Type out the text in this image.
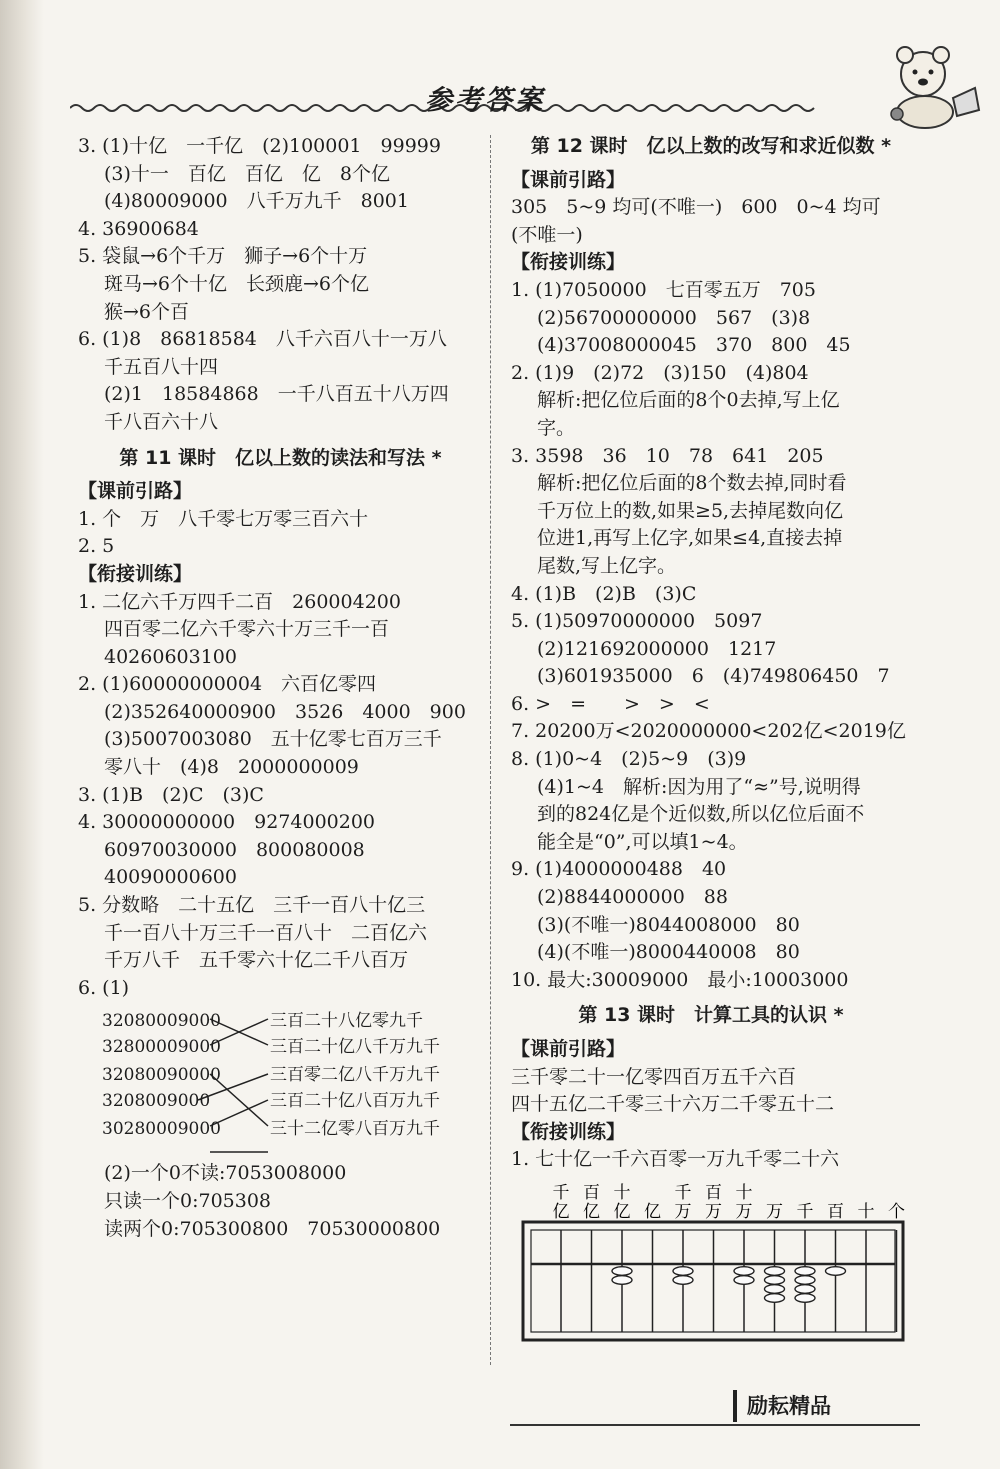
参考答案
3. (1)十亿　一千亿　(2)100001　99999
(3)十一　百亿　百亿　亿　8个亿
(4)80009000　八千万九千　8001
4. 36900684
5. 袋鼠→6个千万　狮子→6个十万
斑马→6个十亿　长颈鹿→6个亿
猴→6个百
6. (1)8　86818584　八千六百八十一万八
千五百八十四
(2)1　18584868　一千八百五十八万四
千八百六十八
第 11 课时　亿以上数的读法和写法 *
【课前引路】
1. 个　万　八千零七万零三百六十
2. 5
【衔接训练】
1. 二亿六千万四千二百　260004200
四百零二亿六千零六十万三千一百
40260603100
2. (1)60000000004　六百亿零四
(2)352640000900　3526　4000　900
(3)5007003080　五十亿零七百万三千
零八十　(4)8　2000000009
3. (1)B　(2)C　(3)C
4. 30000000000　9274000200
60970030000　800080008
40090000600
5. 分数略　二十五亿　三千一百八十亿三
千一百八十万三千一百八十　二百亿六
千万八千　五千零六十亿二千八百万
6. (1)
32080009000
32800009000
32080090000
3208009000
30280009000
三百二十八亿零九千
三百二十亿八千万九千
三百零二亿八千万九千
三百二十亿八百万九千
三十二亿零八百万九千
(2)一个0不读:7053008000
只读一个0:705308
读两个0:705300800　70530000800
第 12 课时　亿以上数的改写和求近似数 *
【课前引路】
305　5~9 均可(不唯一)　600　0~4 均可
(不唯一)
【衔接训练】
1. (1)7050000　七百零五万　705
(2)56700000000　567　(3)8
(4)37008000045　370　800　45
2. (1)9　(2)72　(3)150　(4)804
解析:把亿位后面的8个0去掉,写上亿
字。
3. 3598　36　10　78　641　205
解析:把亿位后面的8个数去掉,同时看
千万位上的数,如果≥5,去掉尾数向亿
位进1,再写上亿字,如果≤4,直接去掉
尾数,写上亿字。
4. (1)B　(2)B　(3)C
5. (1)50970000000　5097
(2)121692000000　1217
(3)601935000　6　(4)749806450　7
6. >　=　　>　>　<
7. 20200万<2020000000<202亿<2019亿
8. (1)0~4　(2)5~9　(3)9
(4)1~4　解析:因为用了“≈”号,说明得
到的824亿是个近似数,所以亿位后面不
能全是“0”,可以填1~4。
9. (1)4000000488　40
(2)8844000000　88
(3)(不唯一)8044008000　80
(4)(不唯一)8000440008　80
10. 最大:30009000　最小:10003000
第 13 课时　计算工具的认识 *
【课前引路】
三千零二十一亿零四百万五千六百
四十五亿二千零三十六万二千零五十二
【衔接训练】
1. 七十亿一千六百零一万九千零二十六
千 百 十	千 百 十
亿 亿 亿 亿 万 万 万 万 千 百 十 个
励耘精品
